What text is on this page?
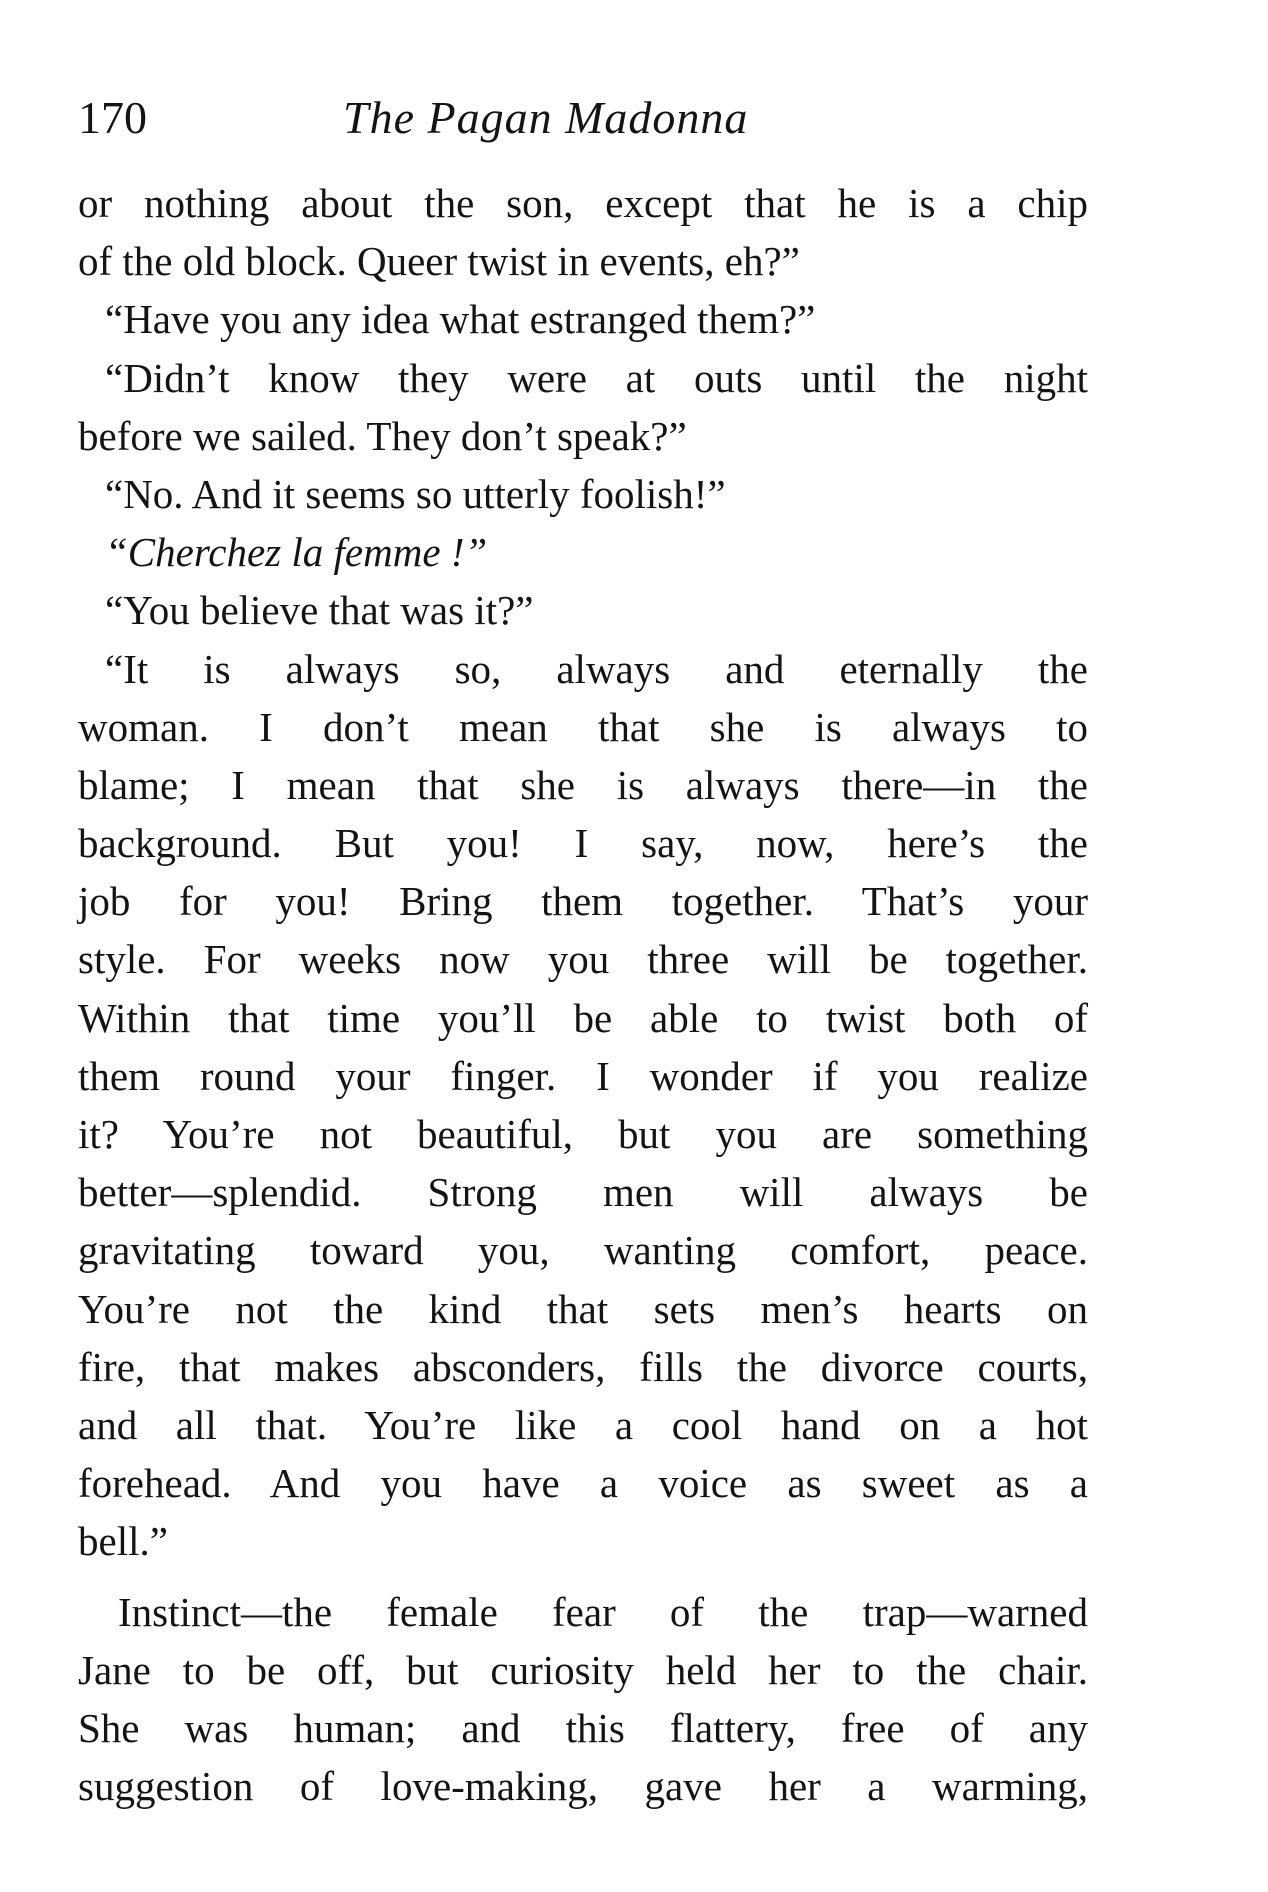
170	The Pagan Madonna
or nothing about the son, except that he is a chip
of the old block. Queer twist in events, eh?”
“Have you any idea what estranged them?”
“Didn’t know they were at outs until the night
before we sailed. They don’t speak?”
“No. And it seems so utterly foolish!”
“Cherchez la femme !”
“You believe that was it?”
“It is always so, always and eternally the
woman. I don’t mean that she is always to
blame; I mean that she is always there—in the
background. But you! I say, now, here’s the
job for you! Bring them together. That’s your
style. For weeks now you three will be together.
Within that time you’ll be able to twist both of
them round your finger. I wonder if you realize
it? You’re not beautiful, but you are something
better—splendid. Strong men will always be
gravitating toward you, wanting comfort, peace.
You’re not the kind that sets men’s hearts on
fire, that makes absconders, fills the divorce courts,
and all that. You’re like a cool hand on a hot
forehead. And you have a voice as sweet as a
bell.”
Instinct—the female fear of the trap—warned
Jane to be off, but curiosity held her to the chair.
She was human; and this flattery, free of any
suggestion of love-making, gave her a warming,
